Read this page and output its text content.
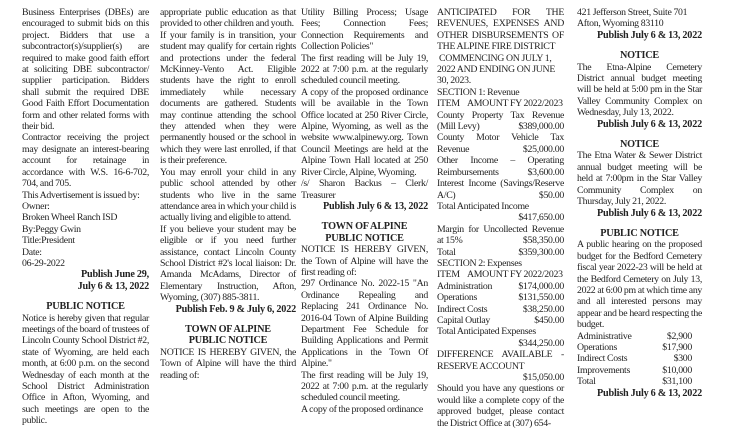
Business Enterprises (DBEs) are encouraged to submit bids on this project. Bidders that use a subcontractor(s)/supplier(s) are required to make good faith effort at soliciting DBE subcontractor/ supplier participation. Bidders shall submit the required DBE Good Faith Effort Documentation form and other related forms with their bid.
Contractor receiving the project may designate an interest-bearing account for retainage in accordance with W.S. 16-6-702, 704, and 705.
This Advertisement is issued by:
Owner:
Broken Wheel Ranch ISD
By:Peggy Gwin
Title:President
Date:
06-29-2022
Publish June 29,
July 6 & 13, 2022
PUBLIC NOTICE
Notice is hereby given that regular meetings of the board of trustees of Lincoln County School District #2, state of Wyoming, are held each month, at 6:00 p.m. on the second Wednesday of each month at the School District Administration Office in Afton, Wyoming, and such meetings are open to the public.
appropriate public education as that provided to other children and youth.
If your family is in transition, your student may qualify for certain rights and protections under the federal McKinney-Vento Act. Eligible students have the right to enroll immediately while necessary documents are gathered. Students may continue attending the school they attended when they were permanently housed or the school in which they were last enrolled, if that is their preference.
You may enroll your child in any public school attended by other students who live in the same attendance area in which your child is actually living and eligible to attend.
If you believe your student may be eligible or if you need further assistance, contact Lincoln County School District #2's local liaison: Dr. Amanda McAdams, Director of Elementary Instruction, Afton, Wyoming, (307) 885-3811.
Publish Feb. 9 & July 6, 2022
TOWN OF ALPINE
PUBLIC NOTICE
NOTICE IS HEREBY GIVEN, the Town of Alpine will have the third reading of:
Utility Billing Process; Usage Fees; Connection Fees; Connection Requirements and Collection Policies"
The first reading will be July 19, 2022 at 7:00 p.m. at the regularly scheduled council meeting.
A copy of the proposed ordinance will be available in the Town Office located at 250 River Circle, Alpine, Wyoming, as well as the website www.alpinewy.org. Town Council Meetings are held at the Alpine Town Hall located at 250 River Circle, Alpine, Wyoming.
/s/ Sharon Backus – Clerk/ Treasurer
Publish July 6 & 13, 2022
TOWN OF ALPINE
PUBLIC NOTICE
NOTICE IS HEREBY GIVEN, the Town of Alpine will have the first reading of:
297 Ordinance No. 2022-15 "An Ordinance Repealing and Replacing 241 Ordinance No. 2016-04 Town of Alpine Building Department Fee Schedule for Building Applications and Permit Applications in the Town Of Alpine."
The first reading will be July 19, 2022 at 7:00 p.m. at the regularly scheduled council meeting.
A copy of the proposed ordinance
ANTICIPATED FOR THE REVENUES, EXPENSES AND OTHER DISBURSEMENTS OF THE ALPINE FIRE DISTRICT
COMMENCING ON JULY 1, 2022 AND ENDING ON JUNE 30, 2023.
SECTION 1: Revenue
ITEM    AMOUNT FY 2022/2023
County Property Tax Revenue (Mill Levy)	$389,000.00
County Motor Vehicle Tax Revenue	$25,000.00
Other Income – Operating Reimbursements	$3,600.00
Interest Income (Savings/Reserve A/C)	$50.00
Total Anticipated Income
$417,650.00
Margin for Uncollected Revenue at 15%	$58,350.00
Total	$359,300.00
SECTION 2: Expenses
ITEM    AMOUNT FY 2022/2023
Administration	$174,000.00
Operations	$131,550.00
Indirect Costs	$38,250.00
Capital Outlay	$450.00
Total Anticipated Expenses
$344,250.00
DIFFERENCE AVAILABLE - RESERVE ACCOUNT
$15,050.00
Should you have any questions or would like a complete copy of the approved budget, please contact the District Office at (307) 654-
421 Jefferson Street, Suite 701
Afton, Wyoming 83110
Publish July 6 & 13, 2022
NOTICE
The Etna-Alpine Cemetery District annual budget meeting will be held at 5:00 pm in the Star Valley Community Complex on Wednesday, July 13, 2022.
Publish July 6 & 13, 2022
NOTICE
The Etna Water & Sewer District annual budget meeting will be held at 7:00pm in the Star Valley Community Complex on Thursday, July 21, 2022.
Publish July 6 & 13, 2022
PUBLIC NOTICE
A public hearing on the proposed budget for the Bedford Cemetery fiscal year 2022-23 will be held at the Bedford Cemetery on July 13, 2022 at 6:00 pm at which time any and all interested persons may appear and be heard respecting the budget.
Administrative	$2,900
Operations	$17,900
Indirect Costs	$300
Improvements	$10,000
Total	$31,100
Publish July 6 & 13, 2022
